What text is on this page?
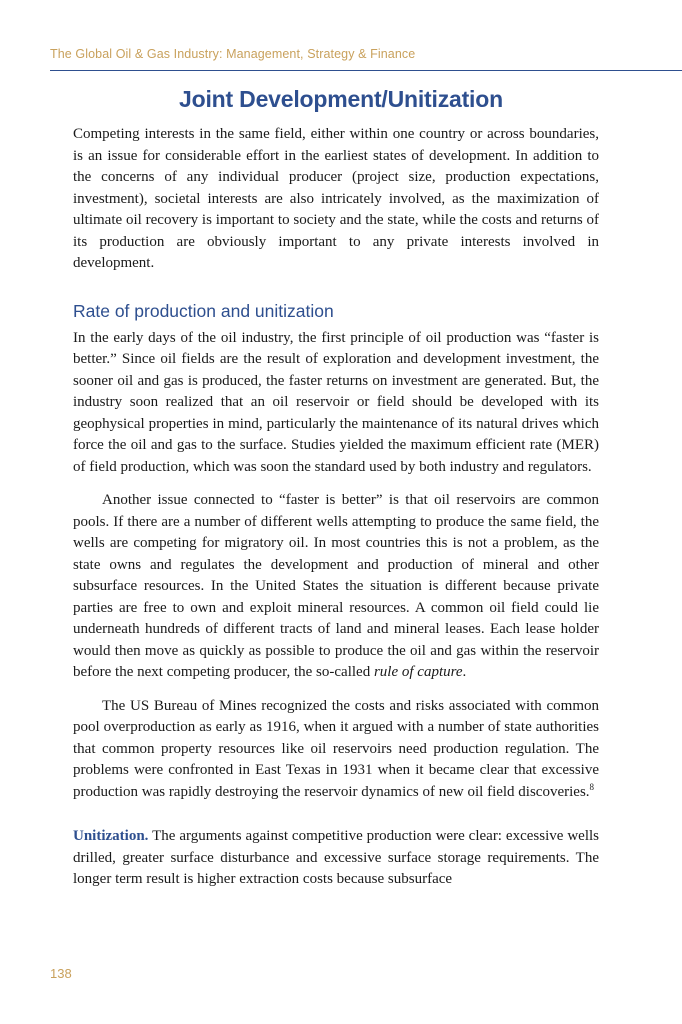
The Global Oil & Gas Industry: Management, Strategy & Finance
Joint Development/Unitization

Competing interests in the same field, either within one country or across boundaries, is an issue for considerable effort in the earliest states of development. In addition to the concerns of any individual producer (project size, production expectations, investment), societal interests are also intricately involved, as the maximization of ultimate oil recovery is important to society and the state, while the costs and returns of its production are obviously important to any private interests involved in development.

Rate of production and unitization

In the early days of the oil industry, the first principle of oil production was “faster is better.” Since oil fields are the result of exploration and development investment, the sooner oil and gas is produced, the faster returns on investment are generated. But, the industry soon realized that an oil reservoir or field should be developed with its geophysical properties in mind, particularly the maintenance of its natural drives which force the oil and gas to the surface. Studies yielded the maximum efficient rate (MER) of field production, which was soon the standard used by both industry and regulators.

Another issue connected to “faster is better” is that oil reservoirs are common pools. If there are a number of different wells attempting to produce the same field, the wells are competing for migratory oil. In most countries this is not a problem, as the state owns and regulates the development and production of mineral and other subsurface resources. In the United States the situation is different because private parties are free to own and exploit mineral resources. A common oil field could lie underneath hundreds of different tracts of land and mineral leases. Each lease holder would then move as quickly as possible to produce the oil and gas within the reservoir before the next competing producer, the so-called rule of capture.

The US Bureau of Mines recognized the costs and risks associated with common pool overproduction as early as 1916, when it argued with a number of state authorities that common property resources like oil reservoirs need production regulation. The problems were confronted in East Texas in 1931 when it became clear that excessive production was rapidly destroying the reservoir dynamics of new oil field discoveries.$^8$

Unitization. The arguments against competitive production were clear: excessive wells drilled, greater surface disturbance and excessive surface storage requirements. The longer term result is higher extraction costs because subsurface

138
